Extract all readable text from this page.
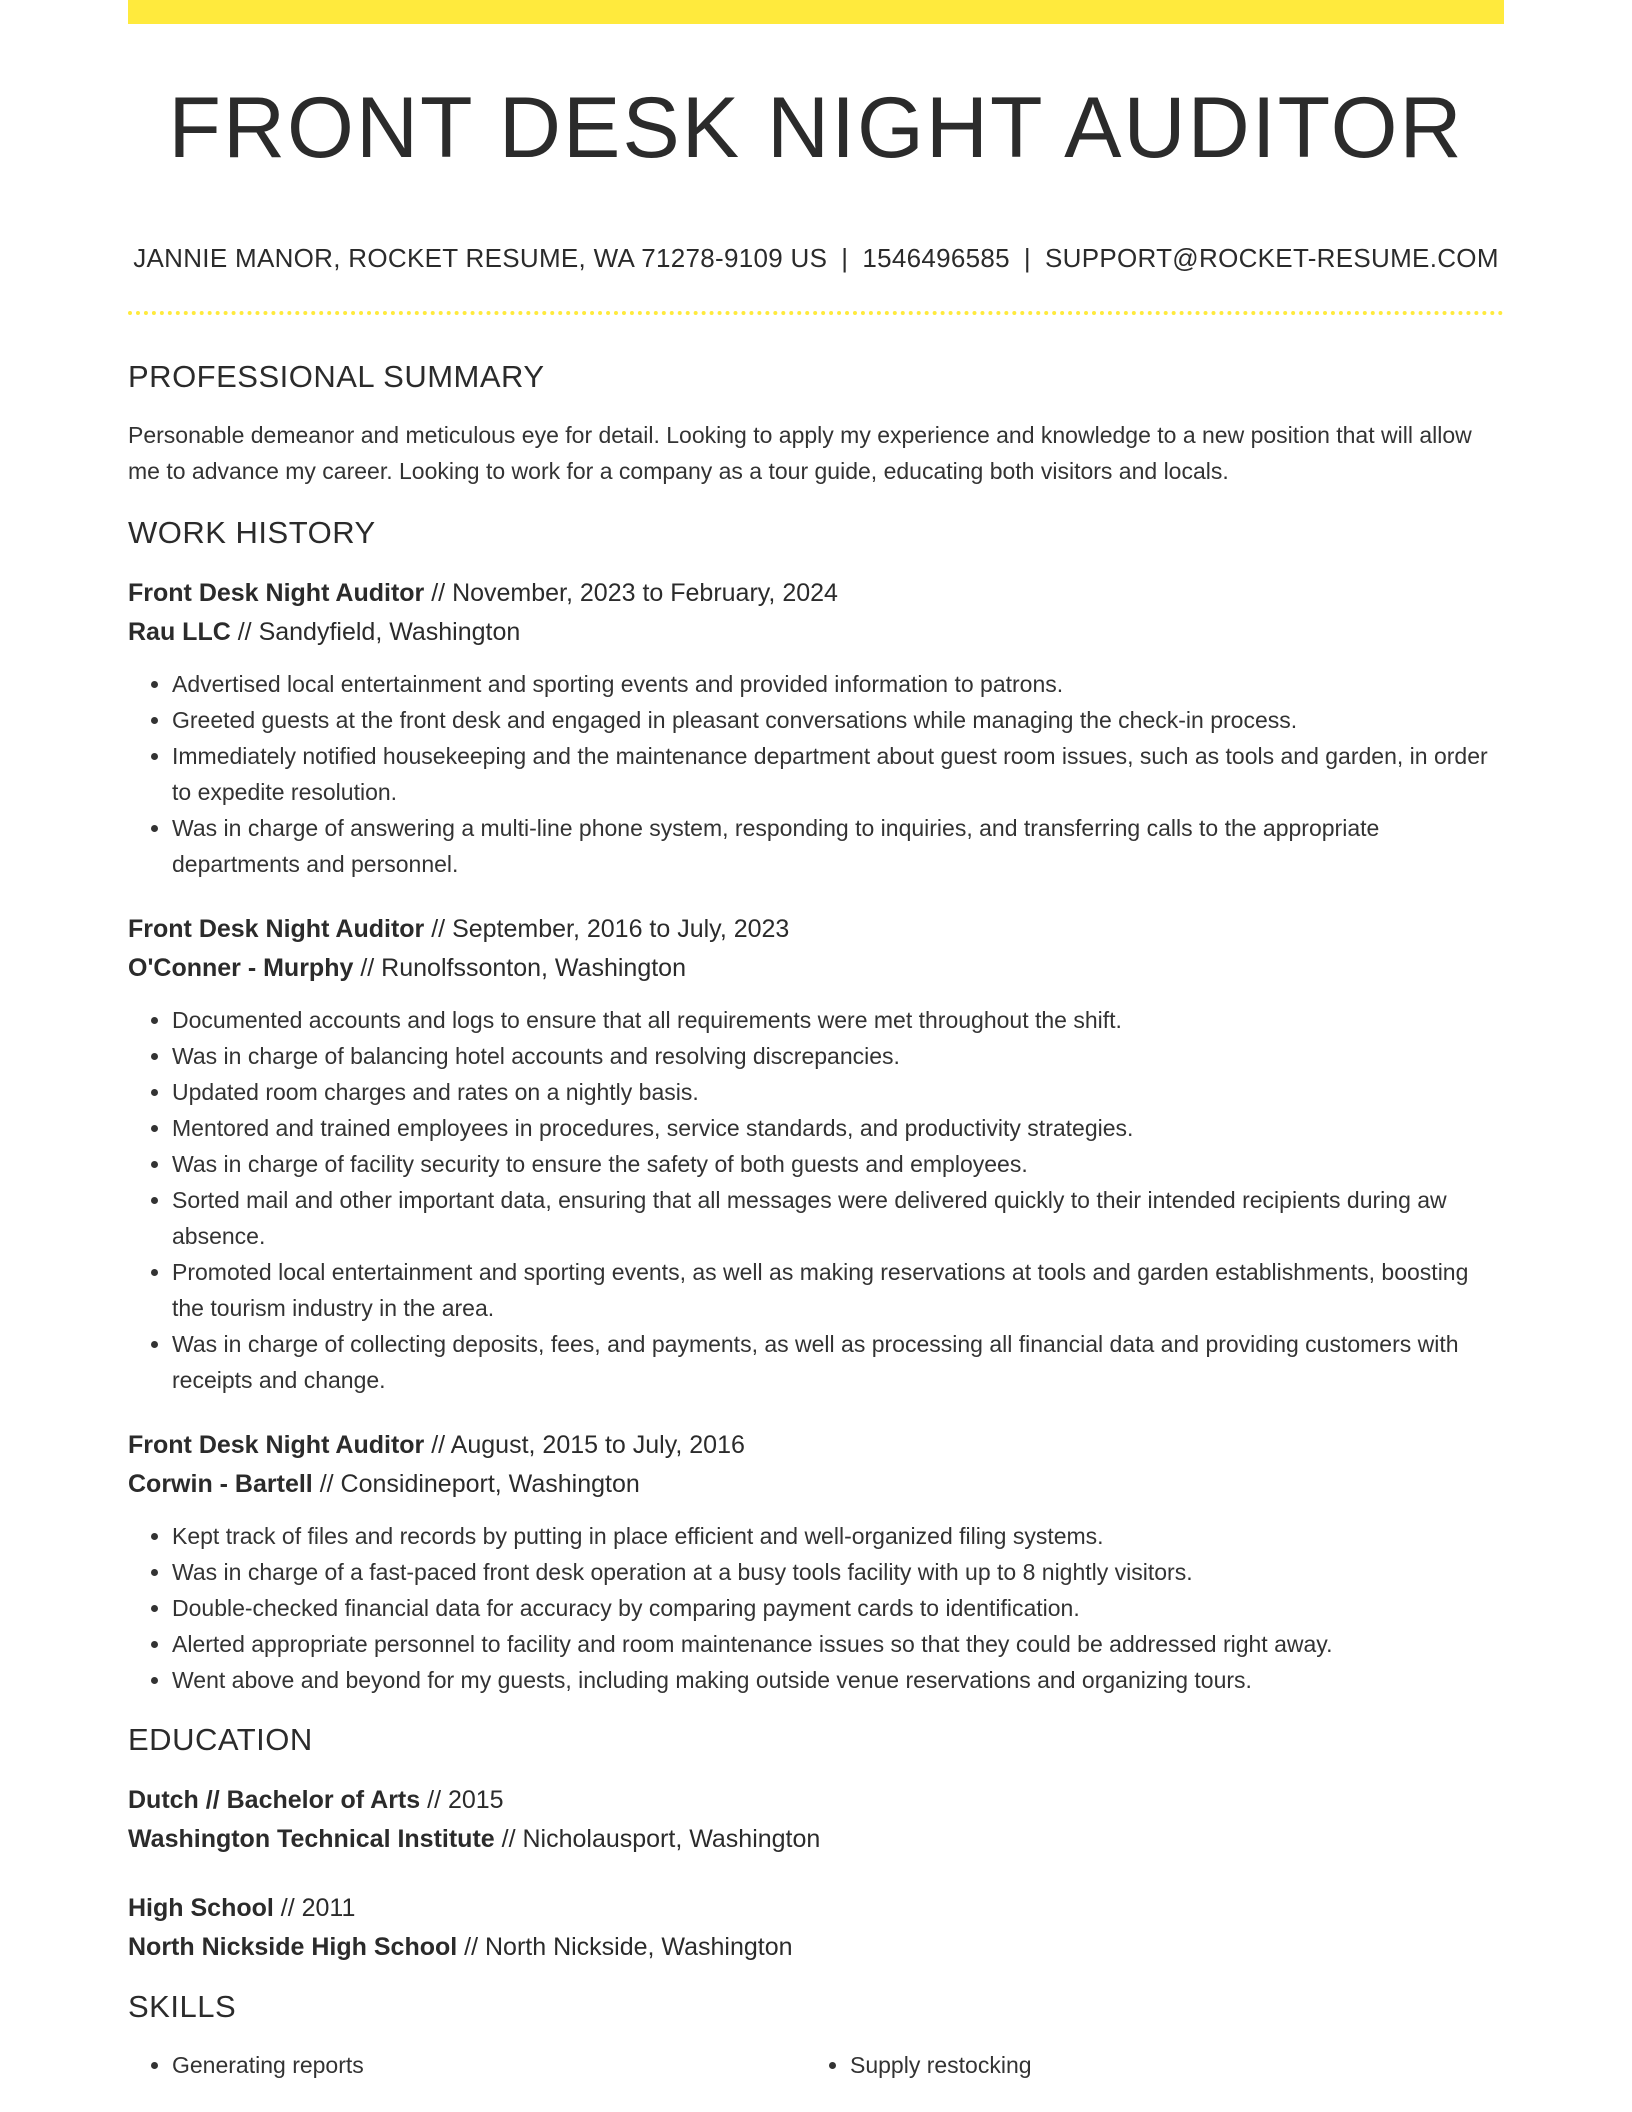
FRONT DESK NIGHT AUDITOR
JANNIE MANOR, ROCKET RESUME, WA 71278-9109 US | 1546496585 | SUPPORT@ROCKET-RESUME.COM
PROFESSIONAL SUMMARY

Personable demeanor and meticulous eye for detail. Looking to apply my experience and knowledge to a new position that will allow me to advance my career. Looking to work for a company as a tour guide, educating both visitors and locals.

WORK HISTORY
Front Desk Night Auditor // November, 2023 to February, 2024
Rau LLC // Sandyfield, Washington
• Advertised local entertainment and sporting events and provided information to patrons.
• Greeted guests at the front desk and engaged in pleasant conversations while managing the check-in process.
• Immediately notified housekeeping and the maintenance department about guest room issues, such as tools and garden, in order to expedite resolution.
• Was in charge of answering a multi-line phone system, responding to inquiries, and transferring calls to the appropriate departments and personnel.
Front Desk Night Auditor // September, 2016 to July, 2023
O'Conner - Murphy // Runolfssonton, Washington
• Documented accounts and logs to ensure that all requirements were met throughout the shift.
• Was in charge of balancing hotel accounts and resolving discrepancies.
• Updated room charges and rates on a nightly basis.
• Mentored and trained employees in procedures, service standards, and productivity strategies.
• Was in charge of facility security to ensure the safety of both guests and employees.
• Sorted mail and other important data, ensuring that all messages were delivered quickly to their intended recipients during aw absence.
• Promoted local entertainment and sporting events, as well as making reservations at tools and garden establishments, boosting the tourism industry in the area.
• Was in charge of collecting deposits, fees, and payments, as well as processing all financial data and providing customers with receipts and change.
Front Desk Night Auditor // August, 2015 to July, 2016
Corwin - Bartell // Considineport, Washington
• Kept track of files and records by putting in place efficient and well-organized filing systems.
• Was in charge of a fast-paced front desk operation at a busy tools facility with up to 8 nightly visitors.
• Double-checked financial data for accuracy by comparing payment cards to identification.
• Alerted appropriate personnel to facility and room maintenance issues so that they could be addressed right away.
• Went above and beyond for my guests, including making outside venue reservations and organizing tours.
EDUCATION
Dutch // Bachelor of Arts // 2015
Washington Technical Institute // Nicholausport, Washington
High School // 2011
North Nickside High School // North Nickside, Washington
SKILLS
• Generating reports
•	Supply restocking
